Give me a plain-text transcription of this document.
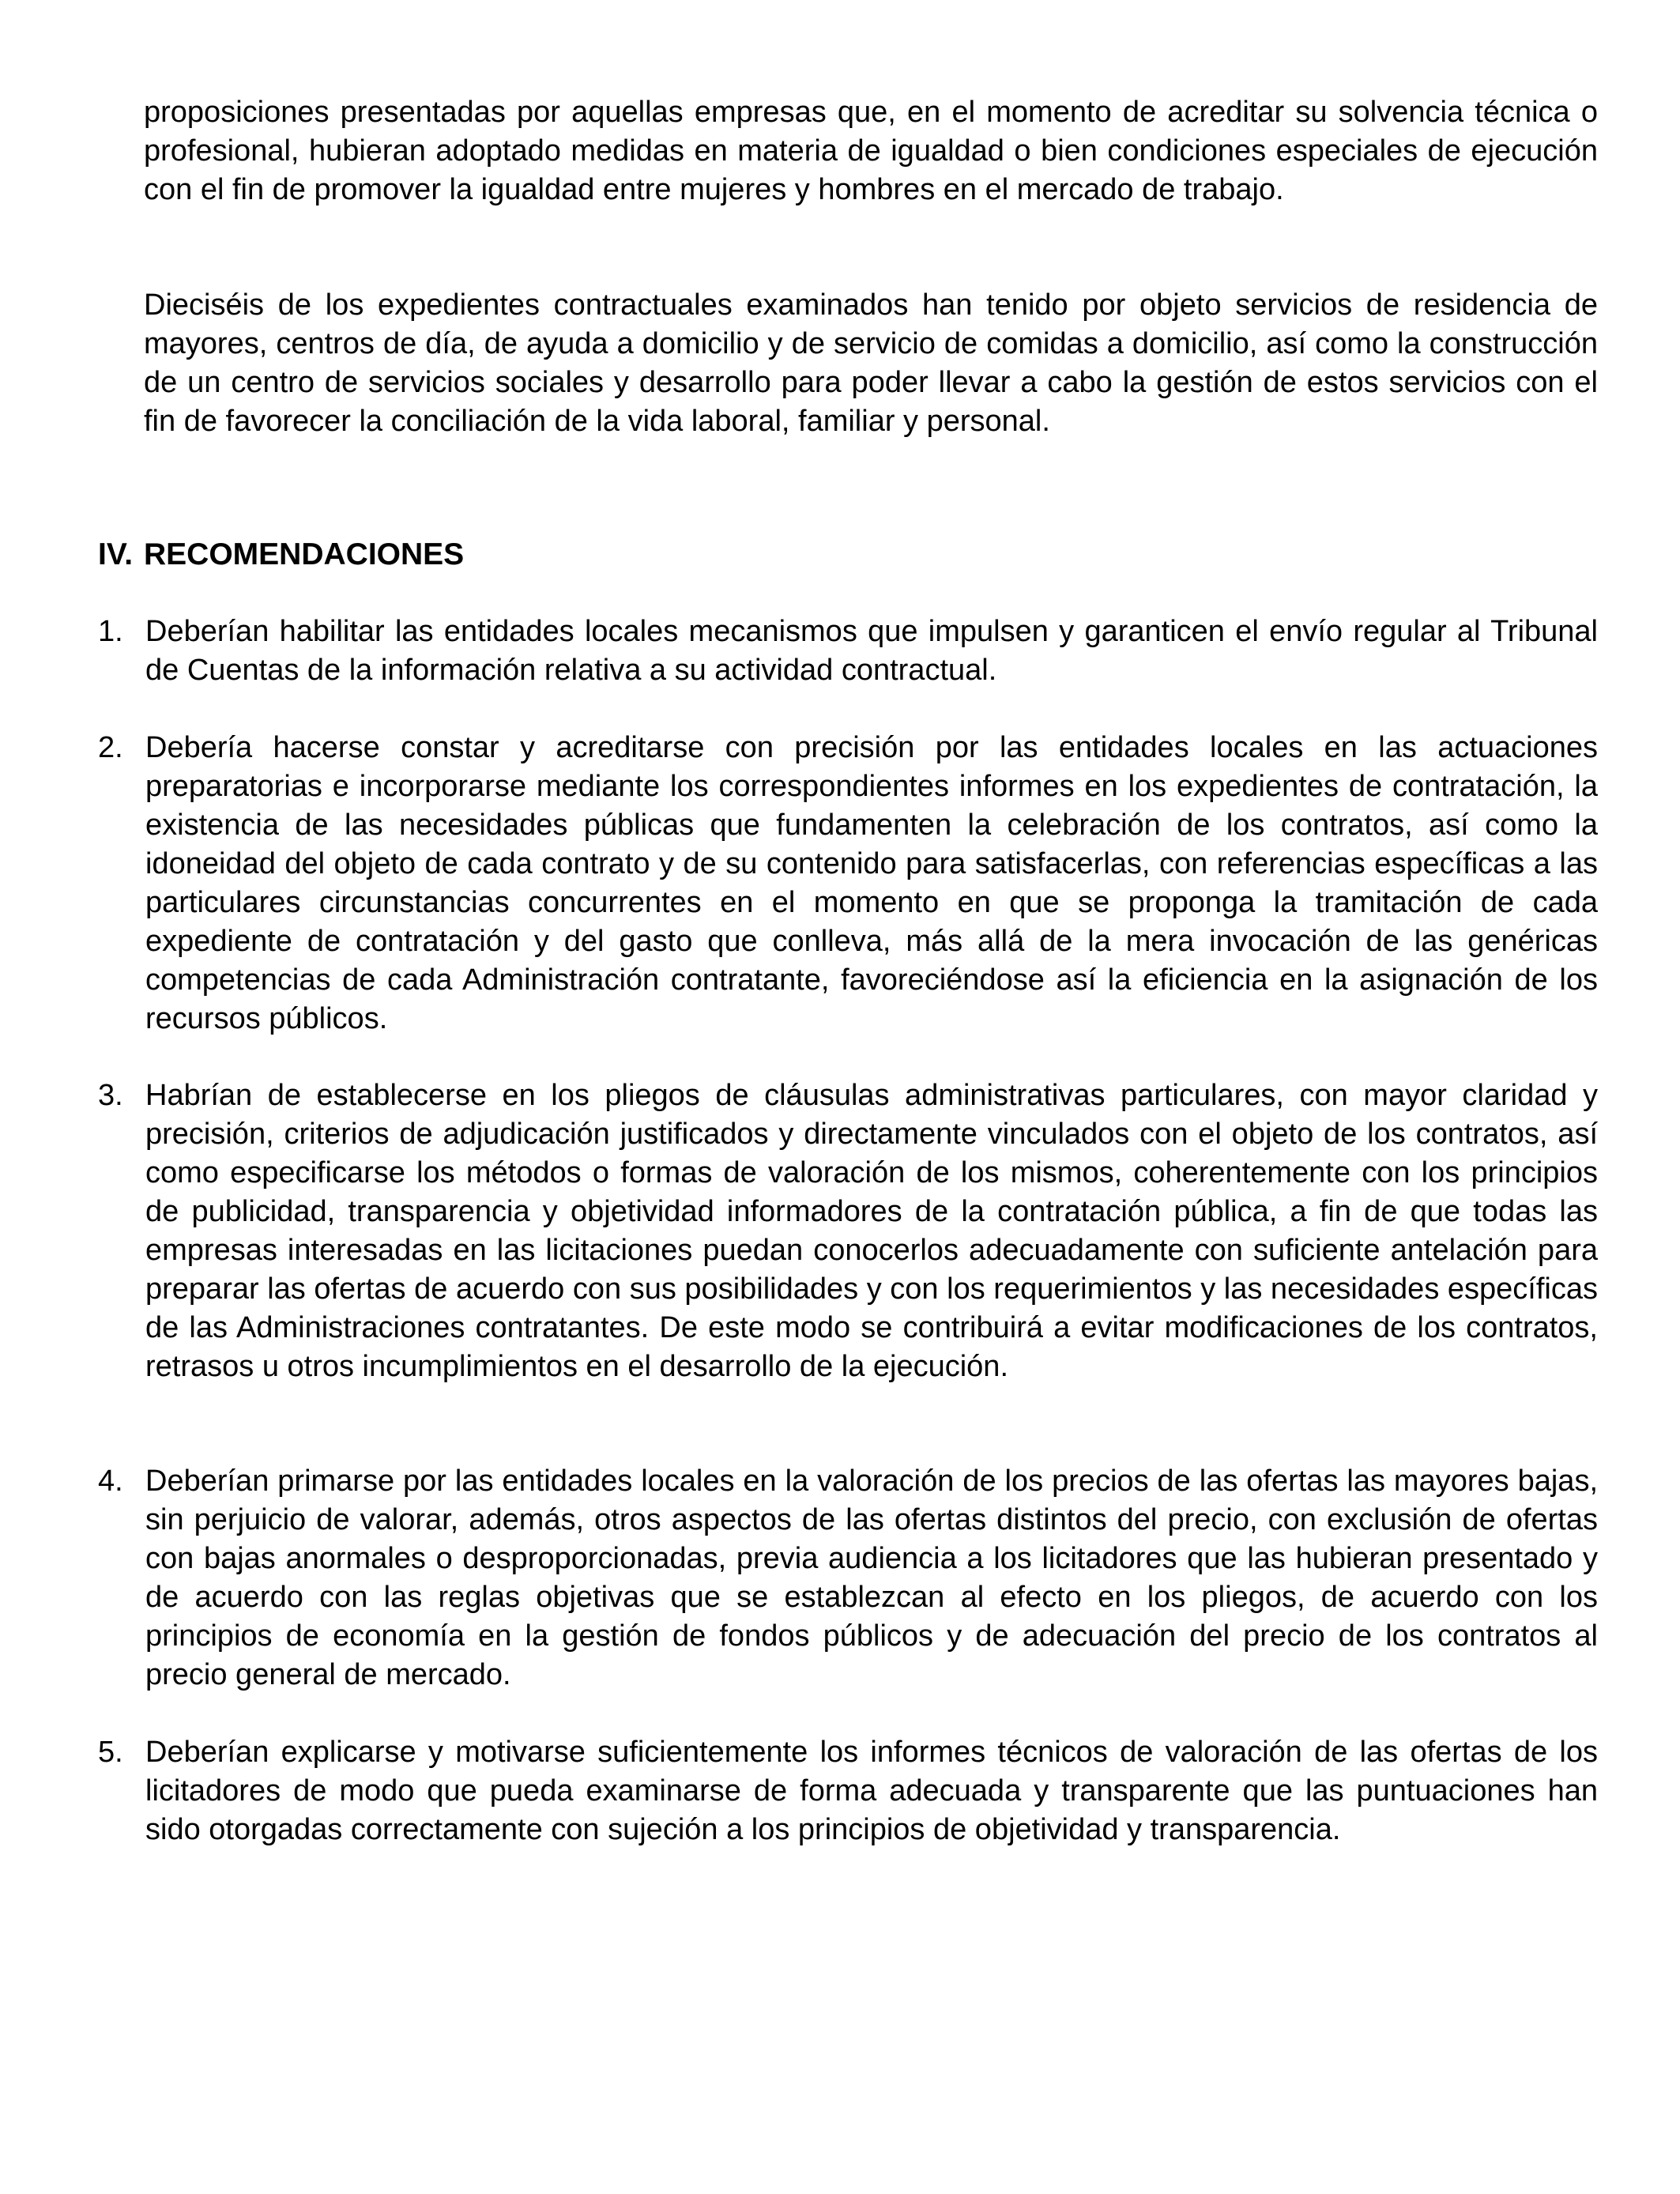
proposiciones presentadas por aquellas empresas que, en el momento de acreditar su solvencia técnica o profesional, hubieran adoptado medidas en materia de igualdad o bien condiciones especiales de ejecución con el fin de promover la igualdad entre mujeres y hombres en el mercado de trabajo.

Dieciséis de los expedientes contractuales examinados han tenido por objeto servicios de residencia de mayores, centros de día, de ayuda a domicilio y de servicio de comidas a domicilio, así como la construcción de un centro de servicios sociales y desarrollo para poder llevar a cabo la gestión de estos servicios con el fin de favorecer la conciliación de la vida laboral, familiar y personal.

IV. RECOMENDACIONES
1. Deberían habilitar las entidades locales mecanismos que impulsen y garanticen el envío regular al Tribunal de Cuentas de la información relativa a su actividad contractual.
2. Debería hacerse constar y acreditarse con precisión por las entidades locales en las actuaciones preparatorias e incorporarse mediante los correspondientes informes en los expedientes de contratación, la existencia de las necesidades públicas que fundamenten la celebración de los contratos, así como la idoneidad del objeto de cada contrato y de su contenido para satisfacerlas, con referencias específicas a las particulares circunstancias concurrentes en el momento en que se proponga la tramitación de cada expediente de contratación y del gasto que conlleva, más allá de la mera invocación de las genéricas competencias de cada Administración contratante, favoreciéndose así la eficiencia en la asignación de los recursos públicos.
3. Habrían de establecerse en los pliegos de cláusulas administrativas particulares, con mayor claridad y precisión, criterios de adjudicación justificados y directamente vinculados con el objeto de los contratos, así como especificarse los métodos o formas de valoración de los mismos, coherentemente con los principios de publicidad, transparencia y objetividad informadores de la contratación pública, a fin de que todas las empresas interesadas en las licitaciones puedan conocerlos adecuadamente con suficiente antelación para preparar las ofertas de acuerdo con sus posibilidades y con los requerimientos y las necesidades específicas de las Administraciones contratantes. De este modo se contribuirá a evitar modificaciones de los contratos, retrasos u otros incumplimientos en el desarrollo de la ejecución.
4. Deberían primarse por las entidades locales en la valoración de los precios de las ofertas las mayores bajas, sin perjuicio de valorar, además, otros aspectos de las ofertas distintos del precio, con exclusión de ofertas con bajas anormales o desproporcionadas, previa audiencia a los licitadores que las hubieran presentado y de acuerdo con las reglas objetivas que se establezcan al efecto en los pliegos, de acuerdo con los principios de economía en la gestión de fondos públicos y de adecuación del precio de los contratos al precio general de mercado.
5. Deberían explicarse y motivarse suficientemente los informes técnicos de valoración de las ofertas de los licitadores de modo que pueda examinarse de forma adecuada y transparente que las puntuaciones han sido otorgadas correctamente con sujeción a los principios de objetividad y transparencia.
